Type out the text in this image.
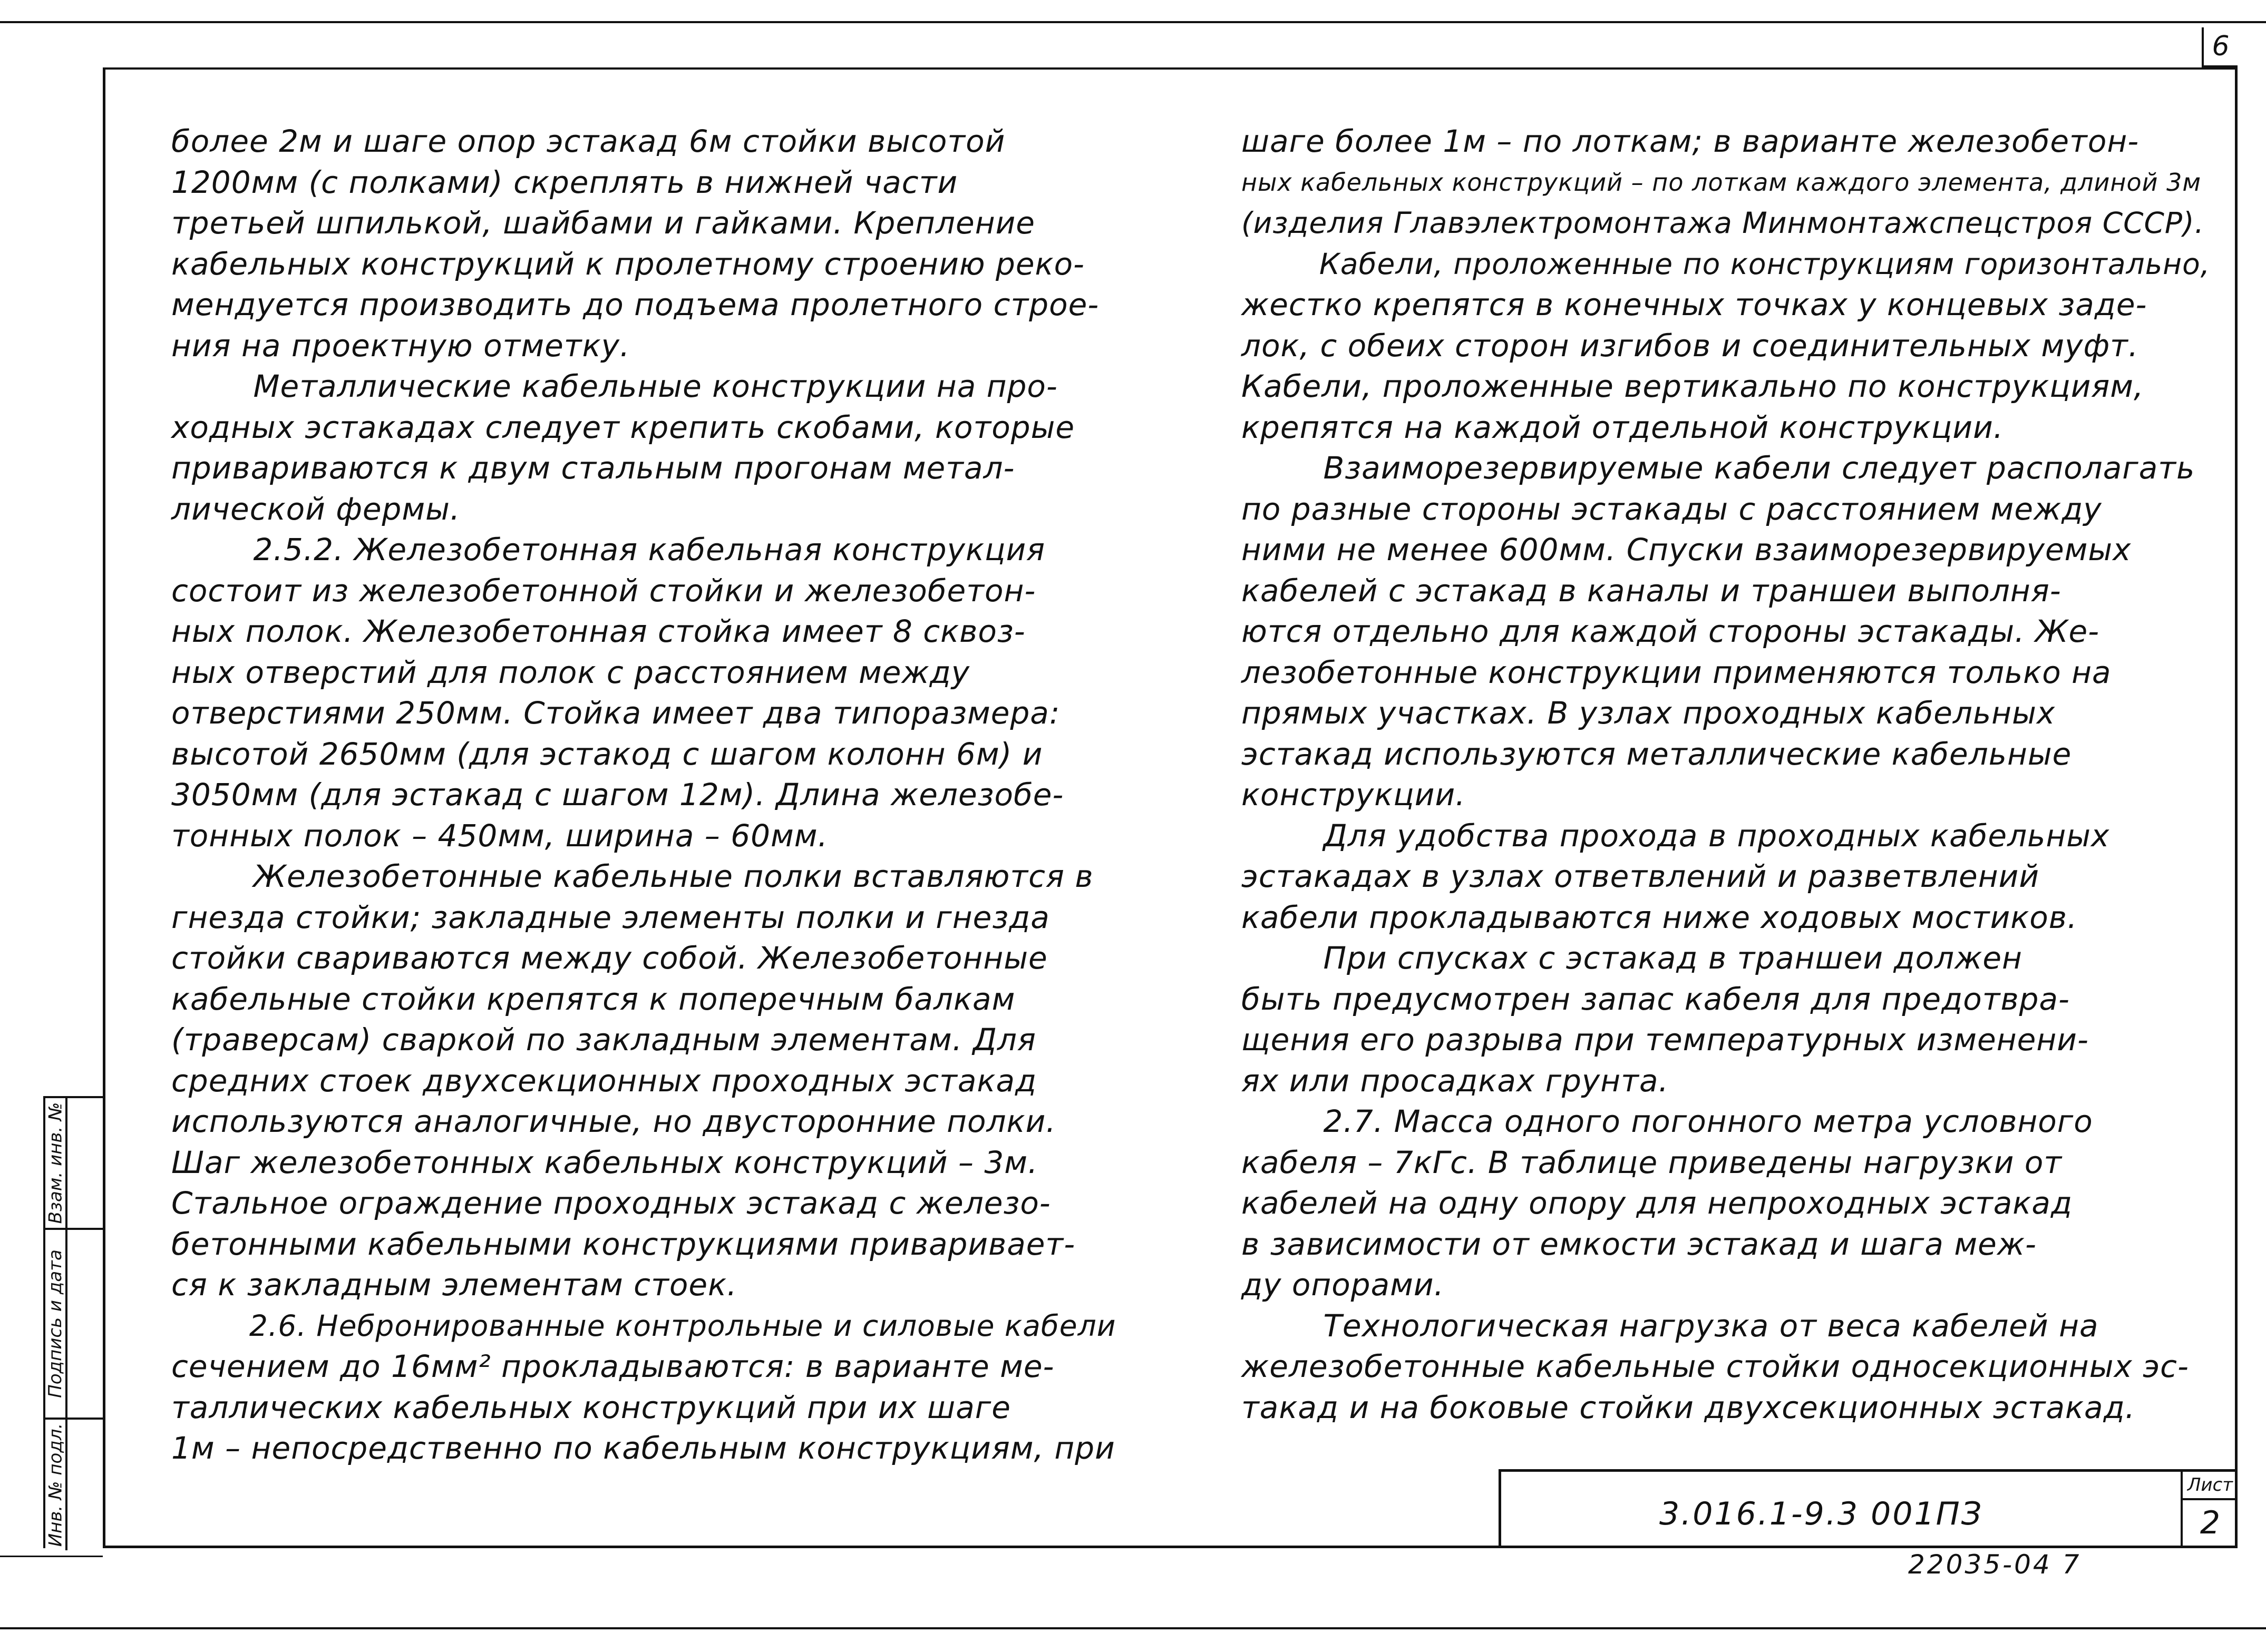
6

более 2м и шаге опор эстакад 6м стойки высотой

1200мм (с полками) скреплять в нижней части

третьей шпилькой, шайбами и гайками. Крепление

кабельных конструкций к пролетному строению реко-

мендуется производить до подъема пролетного строе-

ния на проектную отметку.

Металлические кабельные конструкции на про-

ходных эстакадах следует крепить скобами, которые

привариваются к двум стальным прогонам метал-

лической фермы.

2.5.2. Железобетонная кабельная конструкция

состоит из железобетонной стойки и железобетон-

ных полок. Железобетонная стойка имеет 8 сквоз-

ных отверстий для полок с расстоянием между

отверстиями 250мм. Стойка имеет два типоразмера:

высотой 2650мм (для эстакод с шагом колонн 6м) и

3050мм (для эстакад с шагом 12м). Длина железобе-

тонных полок – 450мм, ширина – 60мм.

Железобетонные кабельные полки вставляются в

гнезда стойки; закладные элементы полки и гнезда

стойки свариваются между собой. Железобетонные

кабельные стойки крепятся к поперечным балкам

(траверсам) сваркой по закладным элементам. Для

средних стоек двухсекционных проходных эстакад

используются аналогичные, но двусторонние полки.

Шаг железобетонных кабельных конструкций – 3м.

Стальное ограждение проходных эстакад с железо-

бетонными кабельными конструкциями приваривает-

ся к закладным элементам стоек.

2.6. Небронированные контрольные и силовые кабели

сечением до 16мм² прокладываются: в варианте ме-

таллических кабельных конструкций при их шаге

1м – непосредственно по кабельным конструкциям, при

шаге более 1м – по лоткам; в варианте железобетон-

ных кабельных конструкций – по лоткам каждого элемента, длиной 3м

(изделия Главэлектромонтажа Минмонтажспецстроя СССР).

Кабели, проложенные по конструкциям горизонтально,

жестко крепятся в конечных точках у концевых заде-

лок, с обеих сторон изгибов и соединительных муфт.

Кабели, проложенные вертикально по конструкциям,

крепятся на каждой отдельной конструкции.

Взаиморезервируемые кабели следует располагать

по разные стороны эстакады с расстоянием между

ними не менее 600мм. Спуски взаиморезервируемых

кабелей с эстакад в каналы и траншеи выполня-

ются отдельно для каждой стороны эстакады. Же-

лезобетонные конструкции применяются только на

прямых участках. В узлах проходных кабельных

эстакад используются металлические кабельные

конструкции.

Для удобства прохода в проходных кабельных

эстакадах в узлах ответвлений и разветвлений

кабели прокладываются ниже ходовых мостиков.

При спусках с эстакад в траншеи должен

быть предусмотрен запас кабеля для предотвра-

щения его разрыва при температурных изменени-

ях или просадках грунта.

2.7. Масса одного погонного метра условного

кабеля – 7кГс. В таблице приведены нагрузки от

кабелей на одну опору для непроходных эстакад

в зависимости от емкости эстакад и шага меж-

ду опорами.

Технологическая нагрузка от веса кабелей на

железобетонные кабельные стойки односекционных эс-

такад и на боковые стойки двухсекционных эстакад.

Взам. инв. №
Подпись и дата
Инв. № подл.	3.016.1-9.3 001ПЗ
Лист
2
22035-04 7
